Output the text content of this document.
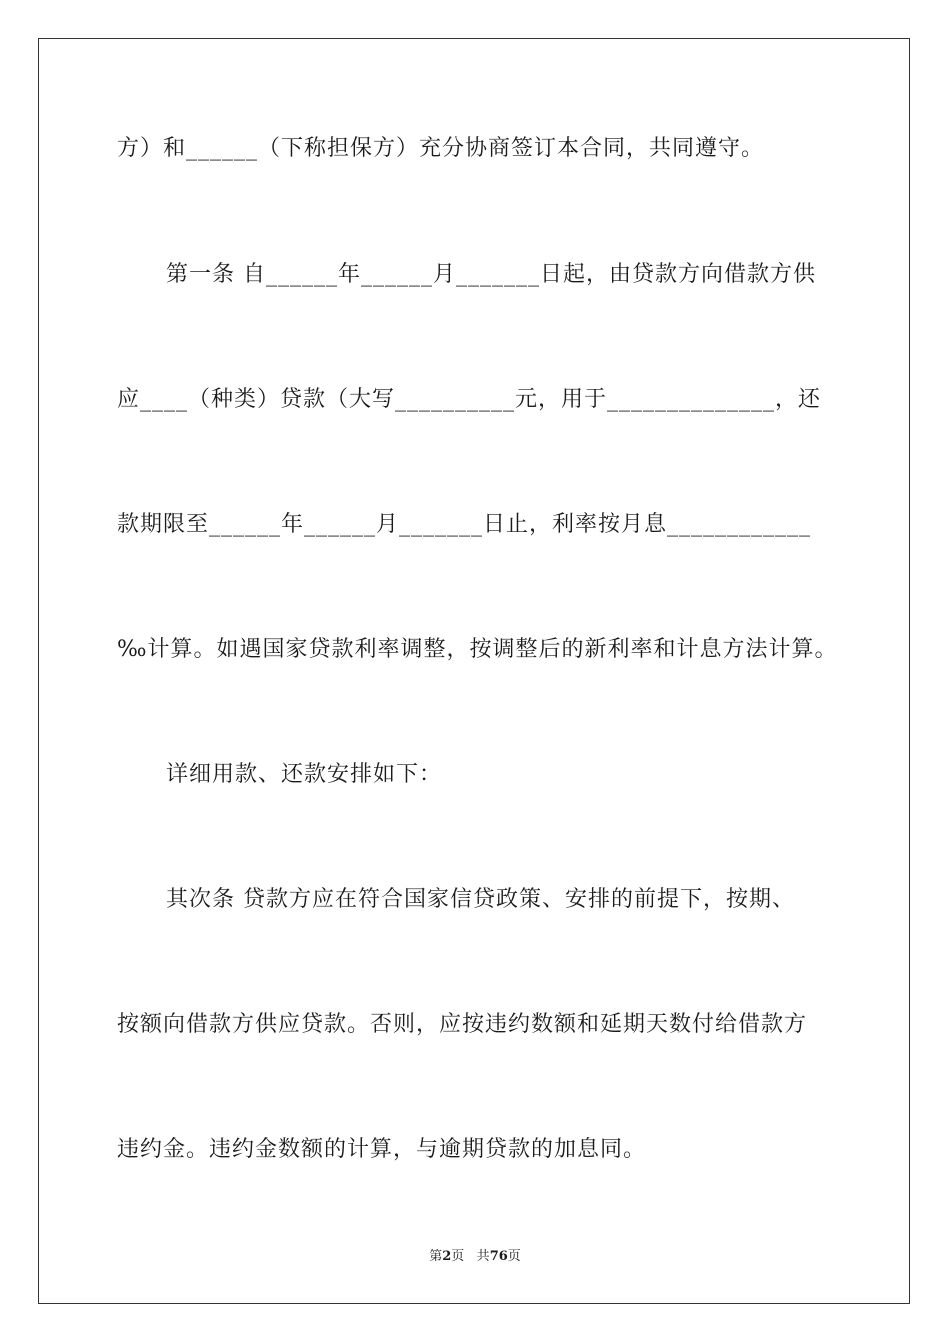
方）和______（下称担保方）充分协商签订本合同，共同遵守。
第一条 自______年______月_______日起，由贷款方向借款方供
应____（种类）贷款（大写__________元，用于______________，还
款期限至______年______月_______日止，利率按月息____________
‰计算。如遇国家贷款利率调整，按调整后的新利率和计息方法计算。
详细用款、还款安排如下：
其次条 贷款方应在符合国家信贷政策、安排的前提下，按期、
按额向借款方供应贷款。否则，应按违约数额和延期天数付给借款方
违约金。违约金数额的计算，与逾期贷款的加息同。
第2页 共76页
